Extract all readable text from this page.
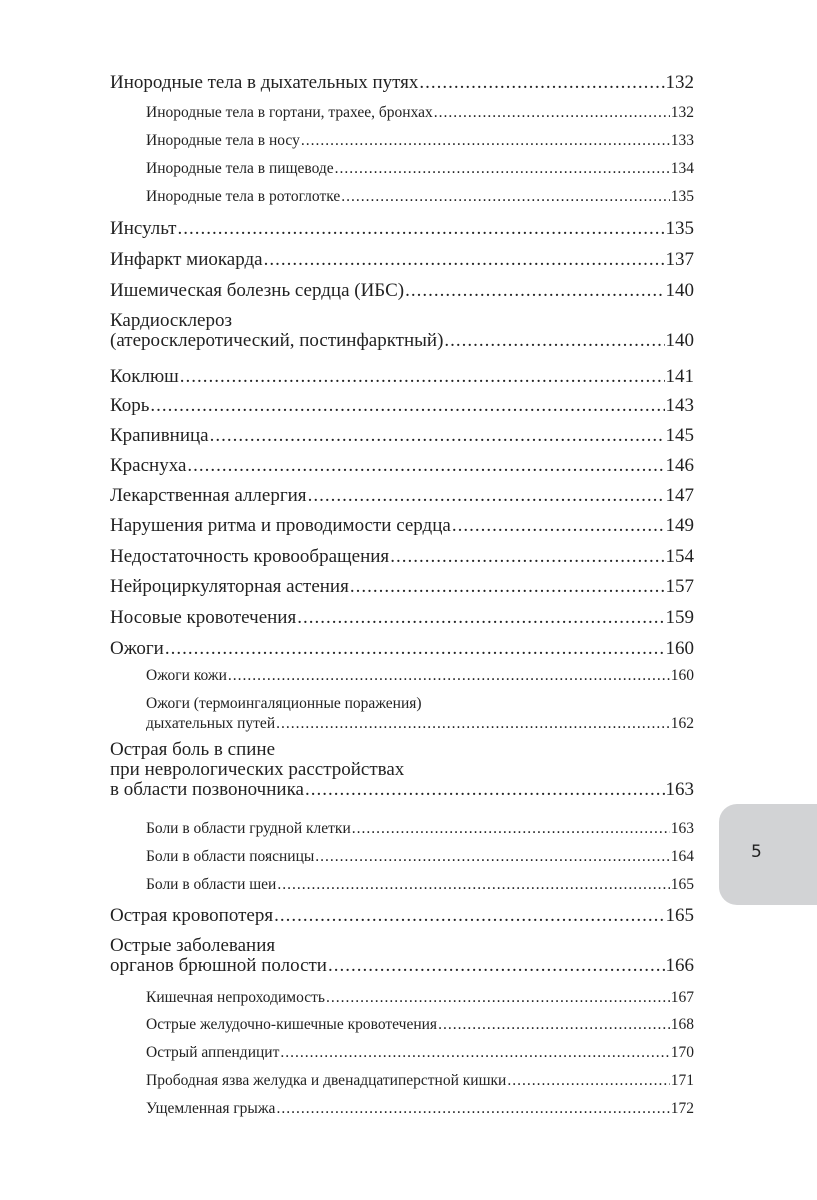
Инородные тела в дыхательных путях .....	132
Инородные тела в гортани, трахее, бронхах .....	132
Инородные тела в носу .....	133
Инородные тела в пищеводе .....	134
Инородные тела в ротоглотке .....	135
Инсульт .....	135
Инфаркт миокарда .....	137
Ишемическая болезнь сердца (ИБС) .....	140
Кардиосклероз
(атеросклеротический, постинфарктный) .....	140
Коклюш .....	141
Корь .....	143
Крапивница .....	145
Краснуха .....	146
Лекарственная аллергия .....	147
Нарушения ритма и проводимости сердца .....	149
Недостаточность кровообращения .....	154
Нейроциркуляторная астения .....	157
Носовые кровотечения .....	159
Ожоги .....	160
Ожоги кожи .....	160
Ожоги (термоингаляционные поражения)
дыхательных путей .....	162
Острая боль в спине
при неврологических расстройствах
в области позвоночника .....	163
Боли в области грудной клетки .....	163
Боли в области поясницы .....	164
Боли в области шеи .....	165
Острая кровопотеря .....	165
Острые заболевания
органов брюшной полости .....	166
Кишечная непроходимость .....	167
Острые желудочно-кишечные кровотечения .....	168
Острый аппендицит .....	170
Прободная язва желудка и двенадцатиперстной кишки .....	171
Ущемленная грыжа .....	172
5
